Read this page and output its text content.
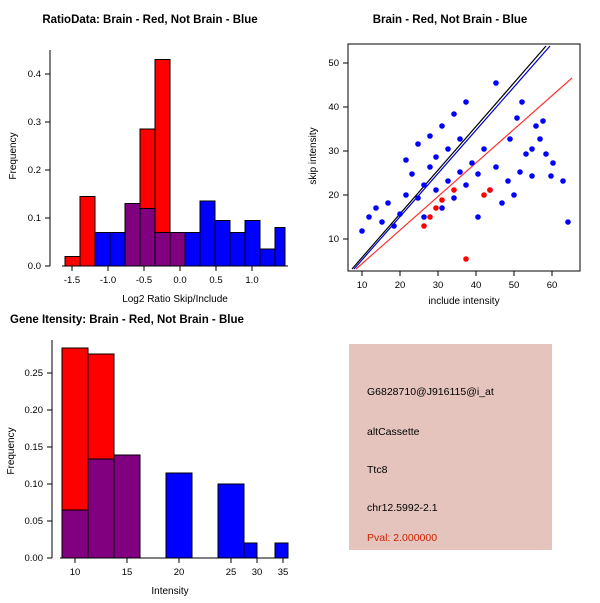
RatioData: Brain - Red, Not Brain - Blue
0.0
0.1
0.2
0.3
0.4
Frequency
-1.5 -1.0 -0.5 0.0 0.5 1.0
Log2 Ratio Skip/Include
Brain - Red, Not Brain - Blue
10
20
30
40
50
skip intensity
10	20	30	40	50	60
include intensity
Gene Itensity: Brain - Red, Not Brain - Blue
0.00
0.05
0.10
0.15
0.20
0.25
Frequency
10	15	20	25 30 35
Intensity
G6828710@J916115@i_at
altCassette
Ttc8
chr12.5992-2.1
Pval: 2.000000
